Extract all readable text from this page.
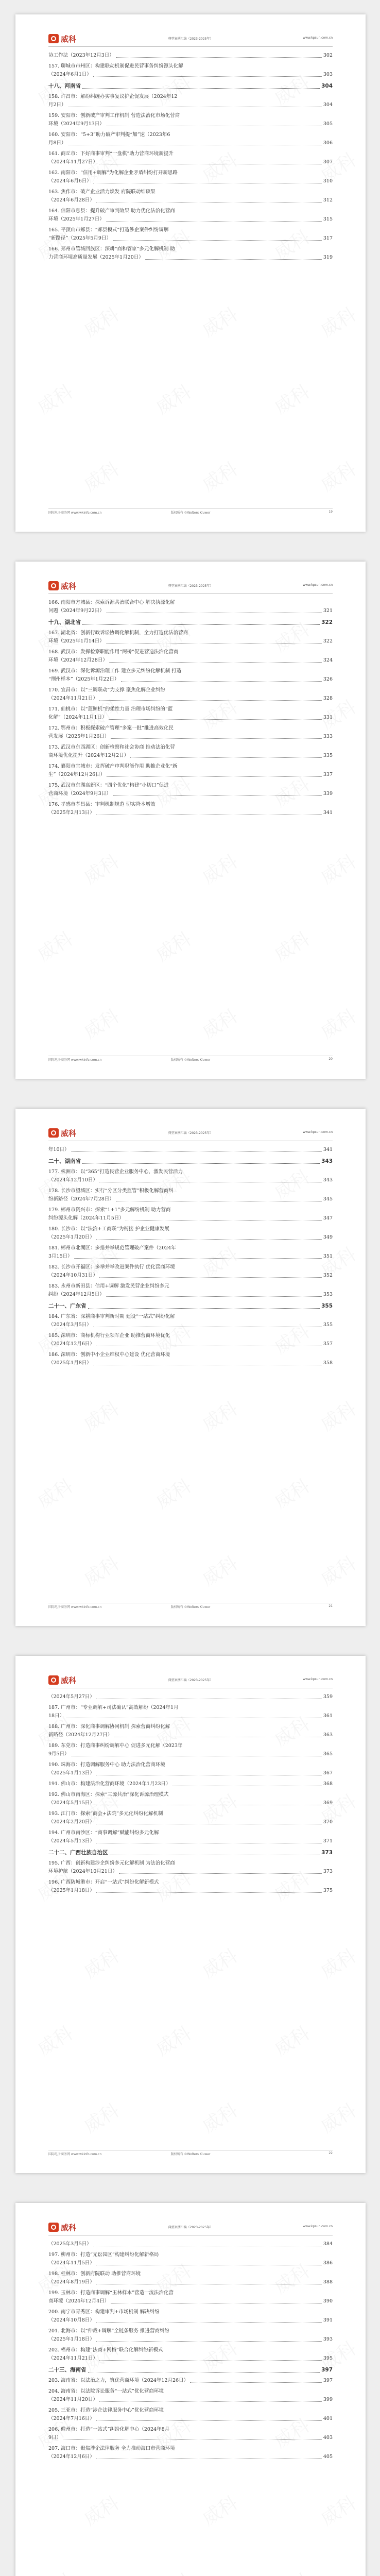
威科	典型案例汇编（2023-2025年）	www.kpsun.com.cn
协工作法（2023年12月3日）	302
157. 聊城市市州区：构建联动机制促进民营事务纠纷源头化解
（2024年6月1日）	303
十八、河南省	304
158. 许昌市：解纷纠缠办实事复议护企促发展（2024年12
月2日）	304
159. 安阳市：创新破产审判工作机制 营造法治化市场化营商
环境（2024年9月13日）	305
160. 安阳市：“5+3”助力破产审判提“加”速（2023年6
月8日）	306
161. 商丘市：下好商事审判“一盘棋”助力营商环境新提升
（2024年11月27日）	307
162. 南阳市：“信用+调解”为化解企业矛盾纠纷打开新思路
（2024年6月6日）	310
163. 焦作市：破产企业活力焕发 府院联动结硕果
（2024年6月28日）	312
164. 信阳市息县：提升破产审判效果 助力优化法治化营商
环境（2025年1月27日）	315
165. 平顶山市郏县：“郏县模式”打造涉企案件纠纷调解
“新路径”（2025年5月9日）	317
166. 郑州市管城回族区：深耕“商和管家”多元化解机制 助
力营商环境高质量发展（2025年1月20日）	319
国际电子商务网 www.wkinfo.com.cn	版权所有 ©Wolters Kluwer	19
威科	典型案例汇编（2023-2025年）	www.kpsun.com.cn
166. 南阳市方城县：探索诉源共治联合中心 解决执源化解
问题（2024年9月22日）	321
十九、湖北省	322
167. 湖北省：创新行政诉讼协调化解机制，全力打造优法治营商
环境（2025年1月14日）	322
168. 武汉市：发挥检察职能作用“两桥”促进营造法治化营商
环境（2024年12月28日）	324
169. 武汉市：深化诉源治理工作 建立多元纠纷化解机制 打造
“荆州样本”（2025年1月22日）	326
170. 宜昌市：以“三调联动”为支撑 聚焦化解企业纠纷
（2024年11月21日）	328
171. 仙桃市：以“蓝鲸机”的柔性力量 治理市场纠纷的“蓝
化解”（2024年11月1日）	331
172. 鄂州市：积极探索破产管理“多案一批”推进高效化民
营发展（2025年1月26日）	333
173. 武汉市东西湖区：创新检察和社会协商 推动法治化营
商环境优化提升（2024年12月2日）	335
174. 襄阳市宜城市：发挥破产审判职能作用 助推企业化“新
生”（2024年12月26日）	337
175. 武汉市东湖高新区：“四个优化”构建“小切口”促进
营商环境（2024年9月3日）	339
176. 孝感市孝昌县：审判机制规范 切实降本增效
（2025年2月13日）	341
国际电子商务网 www.wkinfo.com.cn	版权所有 ©Wolters Kluwer	20
威科	典型案例汇编（2023-2025年）	www.kpsun.com.cn
年10日）	341
二十、湖南省	343
177. 株洲市：以“365”打造民营企业服务中心，激发民营活力
（2024年12月10日）	343
178. 长沙市望城区：实行“分区分类监管”积极化解营商纠
纷新路径（2024年7月28日）	345
179. 郴州市资兴市：探索“1+1”多元解纷机制 助力营商
纠纷源头化解（2024年11月5日）	347
180. 长沙市：以“法治+工商联”为衔接 护企业健康发展
（2025年1月20日）	349
181. 郴州市北湖区：多措并举规范管理破产案件（2024年
3月15日）	351
182. 长沙市开福区：多举并举改进案件执行 优化营商环境
（2024年10月31日）	352
183. 永州市新田县：信用+调解 激发民营企业纠纷多元
纠纷（2024年12月5日）	353
二十一、广东省	355
184. 广东省：深耕商事审判新时期 建设“一站式”纠纷化解
（2024年3月5日）	355
185. 深圳市：商标机构行业领军企业 助推营商环境优化
（2024年12月6日）	357
186. 深圳市：创新中小企业维权中心建设 优化营商环境
（2025年1月8日）	358
国际电子商务网 www.wkinfo.com.cn	版权所有 ©Wolters Kluwer	21
威科	典型案例汇编（2023-2025年）	www.kpsun.com.cn
（2024年5月27日）	359
187. 广州市：“专业调解+司法确认”高效解纷（2024年1月
18日）	361
188. 广州市：深化商事调解协同机制 探索营商纠纷化解
新路径（2024年12月27日）	363
189. 东莞市：打造商事纠纷调解中心 促进多元化解（2023年
9月5日）	365
190. 珠海市：打造调解服务中心 助力法治化营商环境
（2025年1月13日）	367
191. 佛山市：构建法治化营商环境（2024年1月23日）	368
192. 佛山市南海区：探索“三源共治”深化诉源治理模式
（2024年5月15日）	369
193. 江门市：探索“商会+法院”多元化纠纷化解机制
（2024年2月20日）	370
194. 广州市南沙区：“商事调解”赋能纠纷多元化解
（2024年5月13日）	371
二十二、广西壮族自治区	373
195. 广西：创新构建涉企纠纷多元化解机制 为法治化营商
环境护航（2024年10月21日）	373
196. 广西防城港市：开启“一站式”纠纷化解新模式
（2025年1月18日）	375
国际电子商务网 www.wkinfo.com.cn	版权所有 ©Wolters Kluwer	22
威科	典型案例汇编（2023-2025年）	www.kpsun.com.cn
（2025年3月5日）	384
197. 柳州市：打造“无讼园区”构建纠纷化解新格局
（2024年11月5日）	386
198. 桂林市：创新府院联动 助推营商环境
（2024年8月19日）	388
199. 玉林市：打造商事调解“玉林样本”营造一流法治化营
商环境（2024年12月4日）	390
200. 南宁市青秀区：构建审判+市场机制 解决纠纷
（2024年10月8日）	391
201. 北海市：以“仲裁+调解”全链条服务 推进营商纠纷
（2025年1月18日）	393
202. 梧州市：构建“法商+网格”联合化解纠纷新模式
（2024年11月21日）	395
二十三、海南省	397
203. 海南省：以法治之力，筑优营商环境（2024年12月26日）	397
204. 海南省：以法院诉讼服务“一站式”优化营商环境
（2024年11月20日）	399
205. 三亚市：打造“涉企法律服务中心”优化营商环境
（2024年7月16日）	401
206. 儋州市：打造“一站式”纠纷化解中心（2024年8月
9日）	403
207. 海口市：聚焦涉企法律服务 全力推动海口市营商环境
（2024年12月6日）	405
